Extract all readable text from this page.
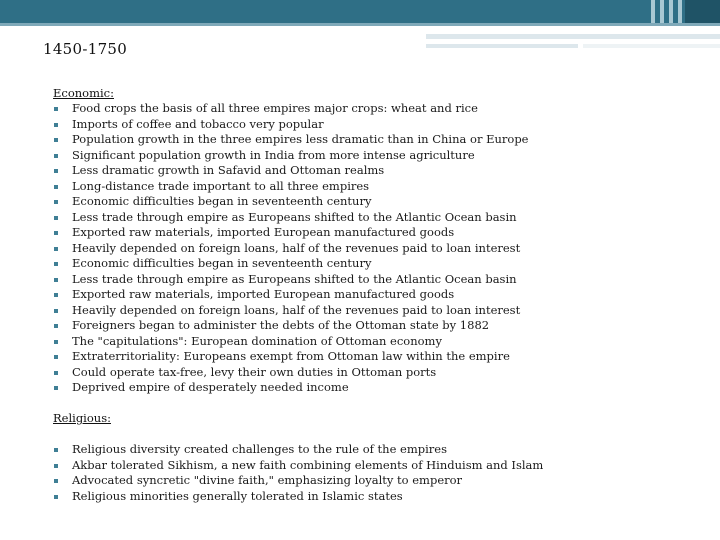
1450-1750
Economic:
Food crops the basis of all three empires major crops: wheat and rice
Imports of coffee and tobacco very popular
Population growth in the three empires less dramatic than in China or Europe
Significant population growth in India from more intense agriculture
Less dramatic growth in Safavid and Ottoman realms
Long-distance trade important to all three empires
Economic difficulties began in seventeenth century
Less trade through empire as Europeans shifted to the Atlantic Ocean basin
Exported raw materials, imported European manufactured goods
Heavily depended on foreign loans, half of the revenues paid to loan interest
Economic difficulties began in seventeenth century
Less trade through empire as Europeans shifted to the Atlantic Ocean basin
Exported raw materials, imported European manufactured goods
Heavily depended on foreign loans, half of the revenues paid to loan interest
Foreigners began to administer the debts of the Ottoman state by 1882
The "capitulations": European domination of Ottoman economy
Extraterritoriality: Europeans exempt from Ottoman law within the empire
Could operate tax-free, levy their own duties in Ottoman ports
Deprived empire of desperately needed income
Religious:
Religious diversity created challenges to the rule of the empires
Akbar tolerated Sikhism, a new faith combining elements of Hinduism and Islam
Advocated syncretic "divine faith," emphasizing loyalty to emperor
Religious minorities generally tolerated in Islamic states
